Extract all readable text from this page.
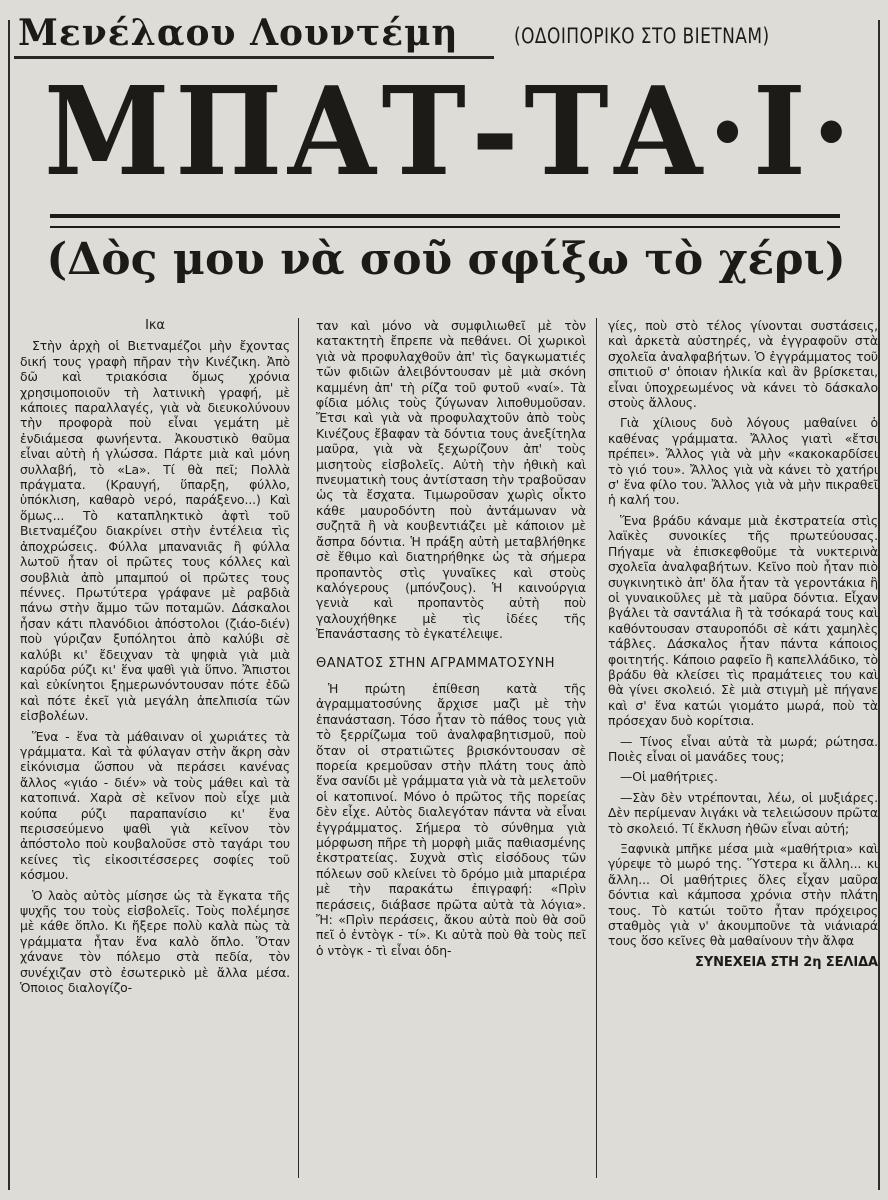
Μενέλαου Λουντέμη	(ΟΔΟΙΠΟΡΙΚΟ ΣΤΟ ΒΙΕΤΝΑΜ)
ΜΠΑΤ-ΤΑ·Ι·
(Δὸς μου νὰ σοῦ σφίξω τὸ χέρι)

Ικα

Στὴν ἀρχὴ οἱ Βιετναμέζοι μὴν ἔχοντας δική τους γραφὴ πῆραν τὴν Κινέζικη. Ἀπὸ δῶ καὶ τριακόσια ὅμως χρόνια χρησιμοποιοῦν τὴ λατινικὴ γραφή, μὲ κάποιες παραλλαγές, γιὰ νὰ διευκολύνουν τὴν προφορὰ ποὺ εἶναι γεμάτη μὲ ἐνδιάμεσα φωνήεντα. Ἀκουστικὸ θαῦμα εἶναι αὐτὴ ἡ γλώσσα. Πάρτε μιὰ καὶ μόνη συλλαβή, τὸ «La». Τί θὰ πεῖ; Πολλὰ πράγματα. (Κραυγή, ὕπαρξη, φύλλο, ὑπόκλιση, καθαρὸ νερό, παράξενο...) Καὶ ὅμως... Τὸ καταπληκτικὸ ἀφτὶ τοῦ Βιετναμέζου διακρίνει στὴν ἐντέλεια τὶς ἀποχρώσεις. Φύλλα μπανανιᾶς ἢ φύλλα λωτοῦ ἦταν οἱ πρῶτες τους κόλλες καὶ σουβλιὰ ἀπὸ μπαμπού οἱ πρῶτες τους πέννες. Πρωτύτερα γράφανε μὲ ραβδιὰ πάνω στὴν ἄμμο τῶν ποταμῶν. Δάσκαλοι ἦσαν κάτι πλανόδιοι ἀπόστολοι (ζιάο-διέν) ποὺ γύριζαν ξυπόλητοι ἀπὸ καλύβι σὲ καλύβι κι' ἔδειχναν τὰ ψηφιὰ γιὰ μιὰ καρύδα ρύζι κι' ἕνα ψαθὶ γιὰ ὕπνο. Ἄπιστοι καὶ εὐκίνητοι ξημερωνόντουσαν πότε ἐδῶ καὶ πότε ἐκεῖ γιὰ μεγάλη ἀπελπισία τῶν εἰσβολέων.

Ἕνα - ἕνα τὰ μάθαιναν οἱ χωριάτες τὰ γράμματα. Καὶ τὰ φύλαγαν στὴν ἄκρη σὰν εἰκόνισμα ὥσπου νὰ περάσει κανένας ἄλλος «γιάο - διέν» νὰ τοὺς μάθει καὶ τὰ κατοπινά. Χαρὰ σὲ κεῖνον ποὺ εἶχε μιὰ κούπα ρύζι παραπανίσιο κι' ἕνα περισσεύμενο ψαθὶ γιὰ κεῖνον τὸν ἀπόστολο ποὺ κουβαλοῦσε στὸ ταγάρι του κείνες τὶς εἰκοσιτέσσερες σοφίες τοῦ κόσμου.

Ὁ λαὸς αὐτὸς μίσησε ὡς τὰ ἔγκατα τῆς ψυχῆς του τοὺς εἰσβολεῖς. Τοὺς πολέμησε μὲ κάθε ὅπλο. Κι ἤξερε πολὺ καλὰ πὼς τὰ γράμματα ἦταν ἕνα καλὸ ὅπλο. Ὅταν χάνανε τὸν πόλεμο στὰ πεδία, τὸν συνέχιζαν στὸ ἐσωτερικὸ μὲ ἄλλα μέσα. Ὁποιος διαλογίζο-

ταν καὶ μόνο νὰ συμφιλιωθεῖ μὲ τὸν κατακτητὴ ἔπρεπε νὰ πεθάνει. Οἱ χωρικοὶ γιὰ νὰ προφυλαχθοῦν ἀπ' τὶς δαγκωματιές τῶν φιδιῶν ἀλειβόντουσαν μὲ μιὰ σκόνη καμμένη ἀπ' τὴ ρίζα τοῦ φυτοῦ «ναί». Τὰ φίδια μόλις τοὺς ζύγωναν λιποθυμοῦσαν. Ἔτσι καὶ γιὰ νὰ προφυλαχτοῦν ἀπὸ τοὺς Κινέζους ἔβαφαν τὰ δόντια τους ἀνεξίτηλα μαῦρα, γιὰ νὰ ξεχωρίζουν ἀπ' τοὺς μισητοὺς εἰσβολεῖς. Αὐτὴ τὴν ἠθικὴ καὶ πνευματικὴ τους ἀντίσταση τὴν τραβοῦσαν ὡς τὰ ἔσχατα. Τιμωροῦσαν χωρὶς οἶκτο κάθε μαυροδόντη ποὺ ἀντάμωναν νὰ συζητᾶ ἢ νὰ κουβεντιάζει μὲ κάποιον μὲ ἄσπρα δόντια. Ἡ πράξη αὐτὴ μεταβλήθηκε σὲ ἔθιμο καὶ διατηρήθηκε ὡς τὰ σήμερα προπαντὸς στὶς γυναῖκες καὶ στοὺς καλόγερους (μπόνζους). Ἡ καινούργια γενιὰ καὶ προπαντὸς αὐτὴ ποὺ γαλουχήθηκε μὲ τὶς ἰδέες τῆς Ἐπανάστασης τὸ ἐγκατέλειψε.

ΘΑΝΑΤΟΣ ΣΤΗΝ ΑΓΡΑΜΜΑΤΟΣΥΝΗ

Ἡ πρώτη ἐπίθεση κατὰ τῆς ἀγραμματοσύνης ἄρχισε μαζὶ μὲ τὴν ἐπανάσταση. Τόσο ἦταν τὸ πάθος τους γιὰ τὸ ξερρίζωμα τοῦ ἀναλφαβητισμοῦ, ποὺ ὅταν οἱ στρατιῶτες βρισκόντουσαν σὲ πορεία κρεμοῦσαν στὴν πλάτη τους ἀπὸ ἕνα σανίδι μὲ γράμματα γιὰ νὰ τὰ μελετοῦν οἱ κατοπινοί. Μόνο ὁ πρῶτος τῆς πορείας δὲν εἶχε. Αὐτὸς διαλεγόταν πάντα νὰ εἶναι ἐγγράμματος. Σήμερα τὸ σύνθημα γιὰ μόρφωση πῆρε τὴ μορφὴ μιᾶς παθιασμένης ἐκστρατείας. Συχνὰ στὶς εἰσόδους τῶν πόλεων σοῦ κλείνει τὸ δρόμο μιὰ μπαριέρα μὲ τὴν παρακάτω ἐπιγραφή: «Πρὶν περάσεις, διάβασε πρῶτα αὐτὰ τὰ λόγια». Ἤ: «Πρὶν περάσεις, ἄκου αὐτὰ ποὺ θὰ σοῦ πεῖ ὁ ἐντὸγκ - τί». Κι αὐτὰ ποὺ θὰ τοὺς πεῖ ὁ ντὸγκ - τὶ εἶναι ὁδη-

γίες, ποὺ στὸ τέλος γίνονται συστάσεις, καὶ ἀρκετὰ αὐστηρές, νὰ ἐγγραφοῦν στὰ σχολεῖα ἀναλφαβήτων. Ὁ ἐγγράμματος τοῦ σπιτιοῦ σ' ὁποιαν ἡλικία καὶ ἂν βρίσκεται, εἶναι ὑποχρεωμένος νὰ κάνει τὸ δάσκαλο στοὺς ἄλλους.

Γιὰ χίλιους δυὸ λόγους μαθαίνει ὁ καθένας γράμματα. Ἄλλος γιατὶ «ἔτσι πρέπει». Ἄλλος γιὰ νὰ μὴν «κακοκαρδίσει τὸ γιό του». Ἄλλος γιὰ νὰ κάνει τὸ χατήρι σ' ἕνα φίλο του. Ἄλλος γιὰ νὰ μὴν πικραθεῖ ἡ καλή του.

Ἕνα βράδυ κάναμε μιὰ ἐκστρατεία στὶς λαϊκὲς συνοικίες τῆς πρωτεύουσας. Πήγαμε νὰ ἐπισκεφθοῦμε τὰ νυκτερινὰ σχολεῖα ἀναλφαβήτων. Κεῖνο ποὺ ἦταν πιὸ συγκινητικὸ ἀπ' ὅλα ἦταν τὰ γεροντάκια ἢ οἱ γυναικοῦλες μὲ τὰ μαῦρα δόντια. Εἶχαν βγάλει τὰ σαντάλια ἢ τὰ τσόκαρά τους καὶ καθόντουσαν σταυροπόδι σὲ κάτι χαμηλὲς τάβλες. Δάσκαλος ἦταν πάντα κάποιος φοιτητής. Κάποιο ραφεῖο ἢ καπελλάδικο, τὸ βράδυ θὰ κλείσει τὶς πραμάτειες του καὶ θὰ γίνει σκολειό. Σὲ μιὰ στιγμὴ μὲ πήγανε καὶ σ' ἕνα κατώι γιομάτο μωρά, ποὺ τὰ πρόσεχαν δυὸ κορίτσια.

— Τίνος εἶναι αὐτὰ τὰ μωρά; ρώτησα. Ποιὲς εἶναι οἱ μανάδες τους;

—Οἱ μαθήτριες.

—Σὰν δὲν ντρέπονται, λέω, οἱ μυξιάρες. Δὲν περίμεναν λιγάκι νὰ τελειώσουν πρῶτα τὸ σκολειό. Τί ἔκλυση ἠθῶν εἶναι αὐτή;

Ξαφνικὰ μπῆκε μέσα μιὰ «μαθήτρια» καὶ γύρεψε τὸ μωρό της. Ὕστερα κι ἄλλη... κι ἄλλη... Οἱ μαθήτριες ὅλες εἶχαν μαῦρα δόντια καὶ κάμποσα χρόνια στὴν πλάτη τους. Τὸ κατώι τοῦτο ἦταν πρόχειρος σταθμὸς γιὰ ν' ἀκουμποῦνε τὰ νιάνιαρά τους ὅσο κεῖνες θὰ μαθαίνουν τὴν ἄλφα

ΣΥΝΕΧΕΙΑ ΣΤΗ 2η ΣΕΛΙΔΑ
